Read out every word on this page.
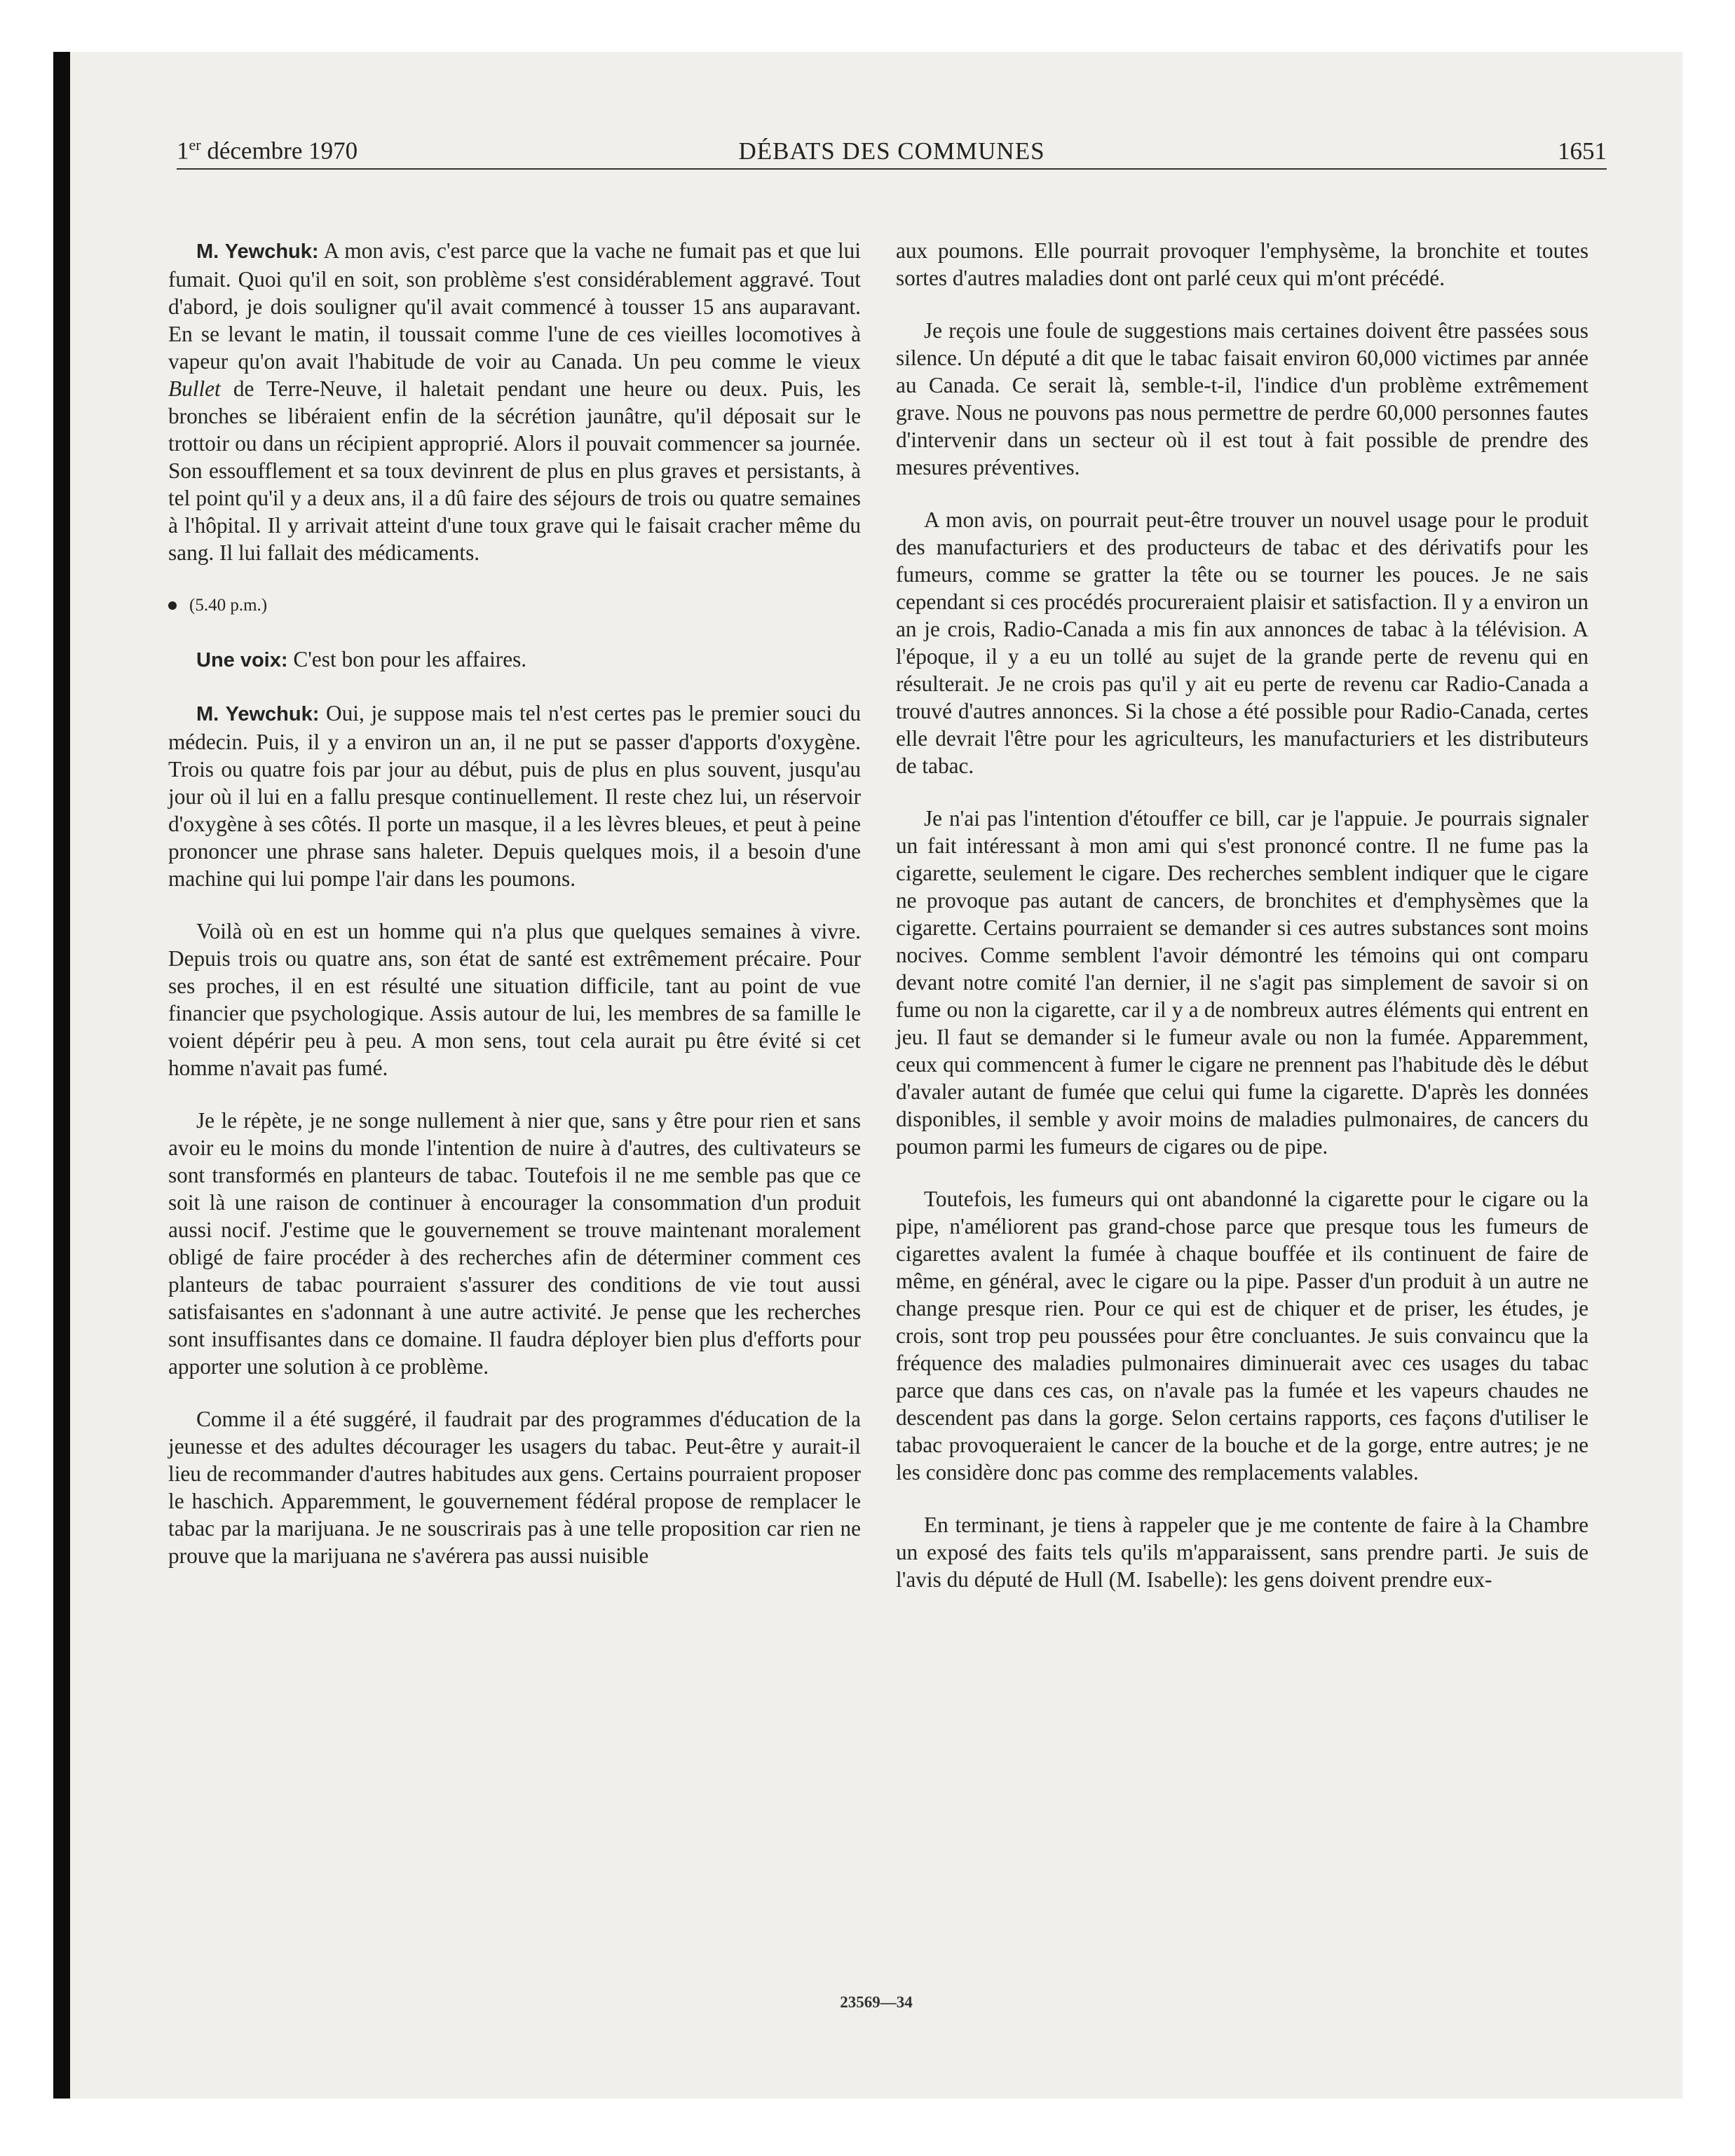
1er décembre 1970	DÉBATS DES COMMUNES	1651

M. Yewchuk: A mon avis, c'est parce que la vache ne fumait pas et que lui fumait. Quoi qu'il en soit, son problème s'est considérablement aggravé. Tout d'abord, je dois souligner qu'il avait commencé à tousser 15 ans auparavant. En se levant le matin, il toussait comme l'une de ces vieilles locomotives à vapeur qu'on avait l'habitude de voir au Canada. Un peu comme le vieux Bullet de Terre-Neuve, il haletait pendant une heure ou deux. Puis, les bronches se libéraient enfin de la sécrétion jaunâtre, qu'il déposait sur le trottoir ou dans un récipient approprié. Alors il pouvait commencer sa journée. Son essoufflement et sa toux devinrent de plus en plus graves et persistants, à tel point qu'il y a deux ans, il a dû faire des séjours de trois ou quatre semaines à l'hôpital. Il y arrivait atteint d'une toux grave qui le faisait cracher même du sang. Il lui fallait des médicaments.

(5.40 p.m.)

Une voix: C'est bon pour les affaires.

M. Yewchuk: Oui, je suppose mais tel n'est certes pas le premier souci du médecin. Puis, il y a environ un an, il ne put se passer d'apports d'oxygène. Trois ou quatre fois par jour au début, puis de plus en plus souvent, jusqu'au jour où il lui en a fallu presque continuellement. Il reste chez lui, un réservoir d'oxygène à ses côtés. Il porte un masque, il a les lèvres bleues, et peut à peine prononcer une phrase sans haleter. Depuis quelques mois, il a besoin d'une machine qui lui pompe l'air dans les poumons.

Voilà où en est un homme qui n'a plus que quelques semaines à vivre. Depuis trois ou quatre ans, son état de santé est extrêmement précaire. Pour ses proches, il en est résulté une situation difficile, tant au point de vue financier que psychologique. Assis autour de lui, les membres de sa famille le voient dépérir peu à peu. A mon sens, tout cela aurait pu être évité si cet homme n'avait pas fumé.

Je le répète, je ne songe nullement à nier que, sans y être pour rien et sans avoir eu le moins du monde l'intention de nuire à d'autres, des cultivateurs se sont transformés en planteurs de tabac. Toutefois il ne me semble pas que ce soit là une raison de continuer à encourager la consommation d'un produit aussi nocif. J'estime que le gouvernement se trouve maintenant moralement obligé de faire procéder à des recherches afin de déterminer comment ces planteurs de tabac pourraient s'assurer des conditions de vie tout aussi satisfaisantes en s'adonnant à une autre activité. Je pense que les recherches sont insuffisantes dans ce domaine. Il faudra déployer bien plus d'efforts pour apporter une solution à ce problème.

Comme il a été suggéré, il faudrait par des programmes d'éducation de la jeunesse et des adultes décourager les usagers du tabac. Peut-être y aurait-il lieu de recommander d'autres habitudes aux gens. Certains pourraient proposer le haschich. Apparemment, le gouvernement fédéral propose de remplacer le tabac par la marijuana. Je ne souscrirais pas à une telle proposition car rien ne prouve que la marijuana ne s'avérera pas aussi nuisible

aux poumons. Elle pourrait provoquer l'emphysème, la bronchite et toutes sortes d'autres maladies dont ont parlé ceux qui m'ont précédé.

Je reçois une foule de suggestions mais certaines doivent être passées sous silence. Un député a dit que le tabac faisait environ 60,000 victimes par année au Canada. Ce serait là, semble-t-il, l'indice d'un problème extrêmement grave. Nous ne pouvons pas nous permettre de perdre 60,000 personnes fautes d'intervenir dans un secteur où il est tout à fait possible de prendre des mesures préventives.

A mon avis, on pourrait peut-être trouver un nouvel usage pour le produit des manufacturiers et des producteurs de tabac et des dérivatifs pour les fumeurs, comme se gratter la tête ou se tourner les pouces. Je ne sais cependant si ces procédés procureraient plaisir et satisfaction. Il y a environ un an je crois, Radio-Canada a mis fin aux annonces de tabac à la télévision. A l'époque, il y a eu un tollé au sujet de la grande perte de revenu qui en résulterait. Je ne crois pas qu'il y ait eu perte de revenu car Radio-Canada a trouvé d'autres annonces. Si la chose a été possible pour Radio-Canada, certes elle devrait l'être pour les agriculteurs, les manufacturiers et les distributeurs de tabac.

Je n'ai pas l'intention d'étouffer ce bill, car je l'appuie. Je pourrais signaler un fait intéressant à mon ami qui s'est prononcé contre. Il ne fume pas la cigarette, seulement le cigare. Des recherches semblent indiquer que le cigare ne provoque pas autant de cancers, de bronchites et d'emphysèmes que la cigarette. Certains pourraient se demander si ces autres substances sont moins nocives. Comme semblent l'avoir démontré les témoins qui ont comparu devant notre comité l'an dernier, il ne s'agit pas simplement de savoir si on fume ou non la cigarette, car il y a de nombreux autres éléments qui entrent en jeu. Il faut se demander si le fumeur avale ou non la fumée. Apparemment, ceux qui commencent à fumer le cigare ne prennent pas l'habitude dès le début d'avaler autant de fumée que celui qui fume la cigarette. D'après les données disponibles, il semble y avoir moins de maladies pulmonaires, de cancers du poumon parmi les fumeurs de cigares ou de pipe.

Toutefois, les fumeurs qui ont abandonné la cigarette pour le cigare ou la pipe, n'améliorent pas grand-chose parce que presque tous les fumeurs de cigarettes avalent la fumée à chaque bouffée et ils continuent de faire de même, en général, avec le cigare ou la pipe. Passer d'un produit à un autre ne change presque rien. Pour ce qui est de chiquer et de priser, les études, je crois, sont trop peu poussées pour être concluantes. Je suis convaincu que la fréquence des maladies pulmonaires diminuerait avec ces usages du tabac parce que dans ces cas, on n'avale pas la fumée et les vapeurs chaudes ne descendent pas dans la gorge. Selon certains rapports, ces façons d'utiliser le tabac provoqueraient le cancer de la bouche et de la gorge, entre autres; je ne les considère donc pas comme des remplacements valables.

En terminant, je tiens à rappeler que je me contente de faire à la Chambre un exposé des faits tels qu'ils m'apparaissent, sans prendre parti. Je suis de l'avis du député de Hull (M. Isabelle): les gens doivent prendre eux-

23569—34
